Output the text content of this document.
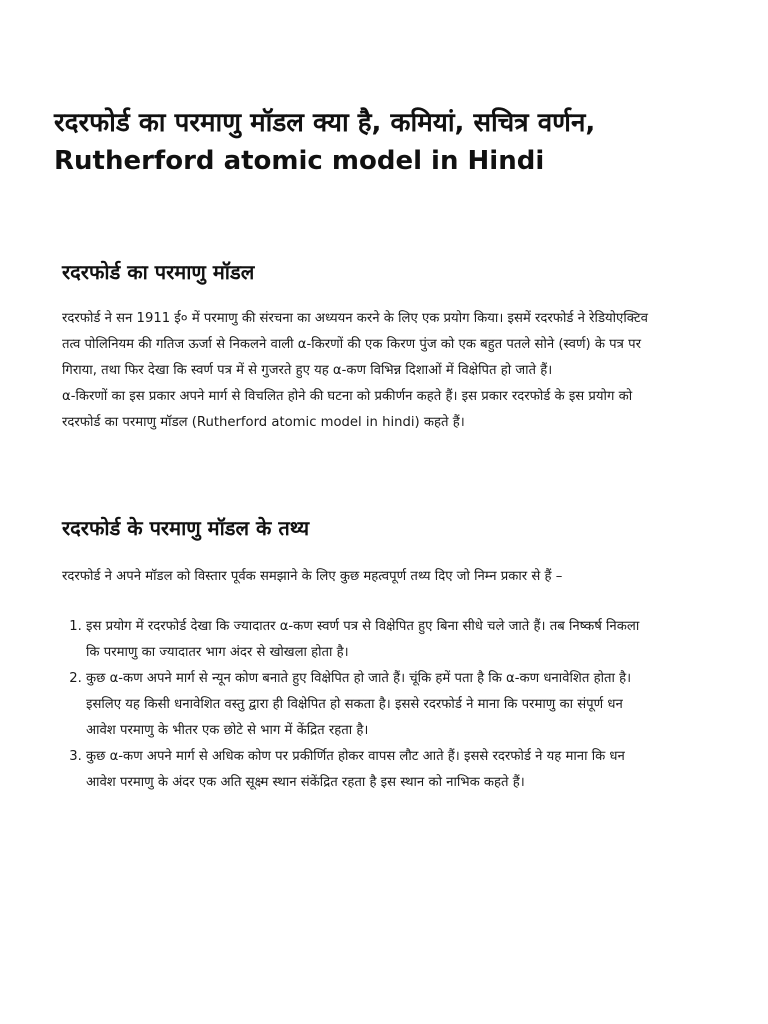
रदरफोर्ड का परमाणु मॉडल क्या है, कमियां, सचित्र वर्णन,
Rutherford atomic model in Hindi
रदरफोर्ड का परमाणु मॉडल

रदरफोर्ड ने सन 1911 ई० में परमाणु की संरचना का अध्ययन करने के लिए एक प्रयोग किया। इसमें रदरफोर्ड ने रेडियोएक्टिव
तत्व पोलिनियम की गतिज ऊर्जा से निकलने वाली α-किरणों की एक किरण पुंज को एक बहुत पतले सोने (स्वर्ण) के पत्र पर
गिराया, तथा फिर देखा कि स्वर्ण पत्र में से गुजरते हुए यह α-कण विभिन्न दिशाओं में विक्षेपित हो जाते हैं।
α-किरणों का इस प्रकार अपने मार्ग से विचलित होने की घटना को प्रकीर्णन कहते हैं। इस प्रकार रदरफोर्ड के इस प्रयोग को
रदरफोर्ड का परमाणु मॉडल (Rutherford atomic model in hindi) कहते हैं।

रदरफोर्ड के परमाणु मॉडल के तथ्य

रदरफोर्ड ने अपने मॉडल को विस्तार पूर्वक समझाने के लिए कुछ महत्वपूर्ण तथ्य दिए जो निम्न प्रकार से हैं –

1. इस प्रयोग में रदरफोर्ड देखा कि ज्यादातर α-कण स्वर्ण पत्र से विक्षेपित हुए बिना सीधे चले जाते हैं। तब निष्कर्ष निकला
कि परमाणु का ज्यादातर भाग अंदर से खोखला होता है।
2. कुछ α-कण अपने मार्ग से न्यून कोण बनाते हुए विक्षेपित हो जाते हैं। चूंकि हमें पता है कि α-कण धनावेशित होता है।
इसलिए यह किसी धनावेशित वस्तु द्वारा ही विक्षेपित हो सकता है। इससे रदरफोर्ड ने माना कि परमाणु का संपूर्ण धन
आवेश परमाणु के भीतर एक छोटे से भाग में केंद्रित रहता है।
3. कुछ α-कण अपने मार्ग से अधिक कोण पर प्रकीर्णित होकर वापस लौट आते हैं। इससे रदरफोर्ड ने यह माना कि धन
आवेश परमाणु के अंदर एक अति सूक्ष्म स्थान संकेंद्रित रहता है इस स्थान को नाभिक कहते हैं।
